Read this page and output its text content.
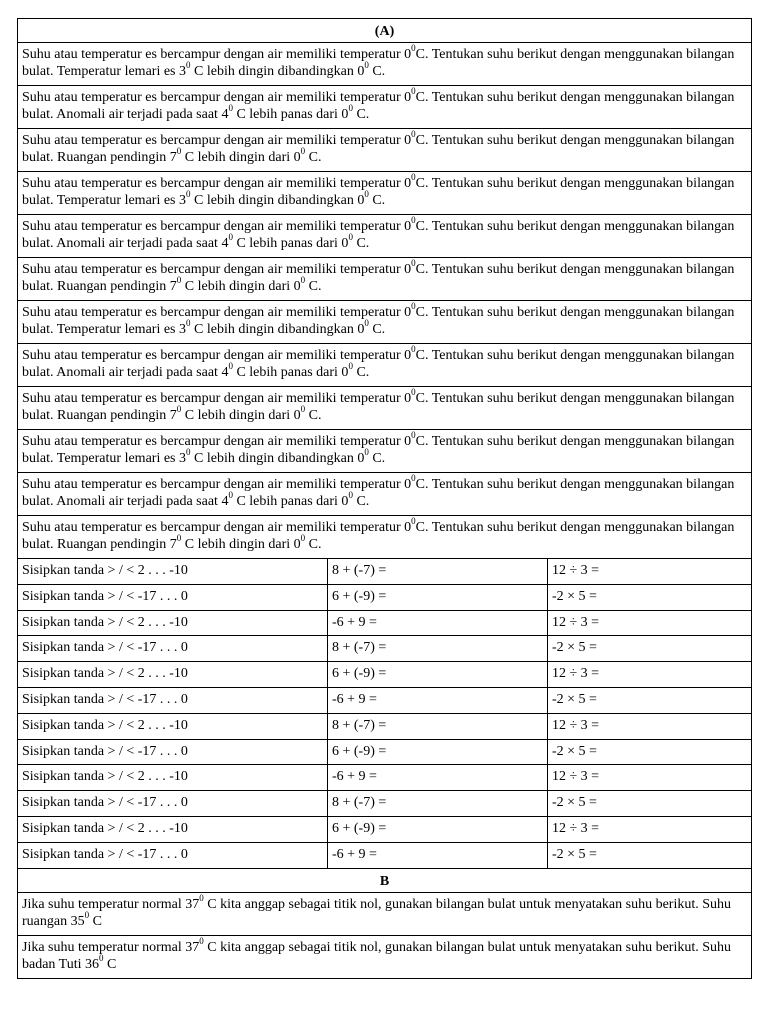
(A)		
Suhu atau temperatur es bercampur dengan air memiliki temperatur $0^0C$. Tentukan suhu berikut dengan menggunakan bilangan bulat. Temperatur lemari es $3^0$ C lebih dingin dibandingkan $0^0$ C.		
Suhu atau temperatur es bercampur dengan air memiliki temperatur $0^0C$. Tentukan suhu berikut dengan menggunakan bilangan bulat. Anomali air terjadi pada saat $4^0$ C lebih panas dari $0^0$ C.		
Suhu atau temperatur es bercampur dengan air memiliki temperatur $0^0C$. Tentukan suhu berikut dengan menggunakan bilangan bulat. Ruangan pendingin $7^0$ C lebih dingin dari $0^0$ C.		
Suhu atau temperatur es bercampur dengan air memiliki temperatur $0^0C$. Tentukan suhu berikut dengan menggunakan bilangan bulat. Temperatur lemari es $3^0$ C lebih dingin dibandingkan $0^0$ C.		
Suhu atau temperatur es bercampur dengan air memiliki temperatur $0^0C$. Tentukan suhu berikut dengan menggunakan bilangan bulat. Anomali air terjadi pada saat $4^0$ C lebih panas dari $0^0$ C.		
Suhu atau temperatur es bercampur dengan air memiliki temperatur $0^0C$. Tentukan suhu berikut dengan menggunakan bilangan bulat. Ruangan pendingin $7^0$ C lebih dingin dari $0^0$ C.		
Suhu atau temperatur es bercampur dengan air memiliki temperatur $0^0C$. Tentukan suhu berikut dengan menggunakan bilangan bulat. Temperatur lemari es $3^0$ C lebih dingin dibandingkan $0^0$ C.		
Suhu atau temperatur es bercampur dengan air memiliki temperatur $0^0C$. Tentukan suhu berikut dengan menggunakan bilangan bulat. Anomali air terjadi pada saat $4^0$ C lebih panas dari $0^0$ C.		
Suhu atau temperatur es bercampur dengan air memiliki temperatur $0^0C$. Tentukan suhu berikut dengan menggunakan bilangan bulat. Ruangan pendingin $7^0$ C lebih dingin dari $0^0$ C.		
Suhu atau temperatur es bercampur dengan air memiliki temperatur $0^0C$. Tentukan suhu berikut dengan menggunakan bilangan bulat. Temperatur lemari es $3^0$ C lebih dingin dibandingkan $0^0$ C.		
Suhu atau temperatur es bercampur dengan air memiliki temperatur $0^0C$. Tentukan suhu berikut dengan menggunakan bilangan bulat. Anomali air terjadi pada saat $4^0$ C lebih panas dari $0^0$ C.		
Suhu atau temperatur es bercampur dengan air memiliki temperatur $0^0C$. Tentukan suhu berikut dengan menggunakan bilangan bulat. Ruangan pendingin $7^0$ C lebih dingin dari $0^0$ C.		
Sisipkan tanda > / < 2 . . . -10	8 + (-7) =	12 ÷ 3 =
Sisipkan tanda > / < -17 . . . 0	6 + (-9) =	-2 × 5 =
Sisipkan tanda > / < 2 . . . -10	-6 + 9 =	12 ÷ 3 =
Sisipkan tanda > / < -17 . . . 0	8 + (-7) =	-2 × 5 =
Sisipkan tanda > / < 2 . . . -10	6 + (-9) =	12 ÷ 3 =
Sisipkan tanda > / < -17 . . . 0	-6 + 9 =	-2 × 5 =
Sisipkan tanda > / < 2 . . . -10	8 + (-7) =	12 ÷ 3 =
Sisipkan tanda > / < -17 . . . 0	6 + (-9) =	-2 × 5 =
Sisipkan tanda > / < 2 . . . -10	-6 + 9 =	12 ÷ 3 =
Sisipkan tanda > / < -17 . . . 0	8 + (-7) =	-2 × 5 =
Sisipkan tanda > / < 2 . . . -10	6 + (-9) =	12 ÷ 3 =
Sisipkan tanda > / < -17 . . . 0	-6 + 9 =	-2 × 5 =
B		
Jika suhu temperatur normal $37^0$ C kita anggap sebagai titik nol, gunakan bilangan bulat untuk menyatakan suhu berikut. Suhu ruangan $35^0$ C		
Jika suhu temperatur normal $37^0$ C kita anggap sebagai titik nol, gunakan bilangan bulat untuk menyatakan suhu berikut. Suhu badan Tuti $36^0$ C		
